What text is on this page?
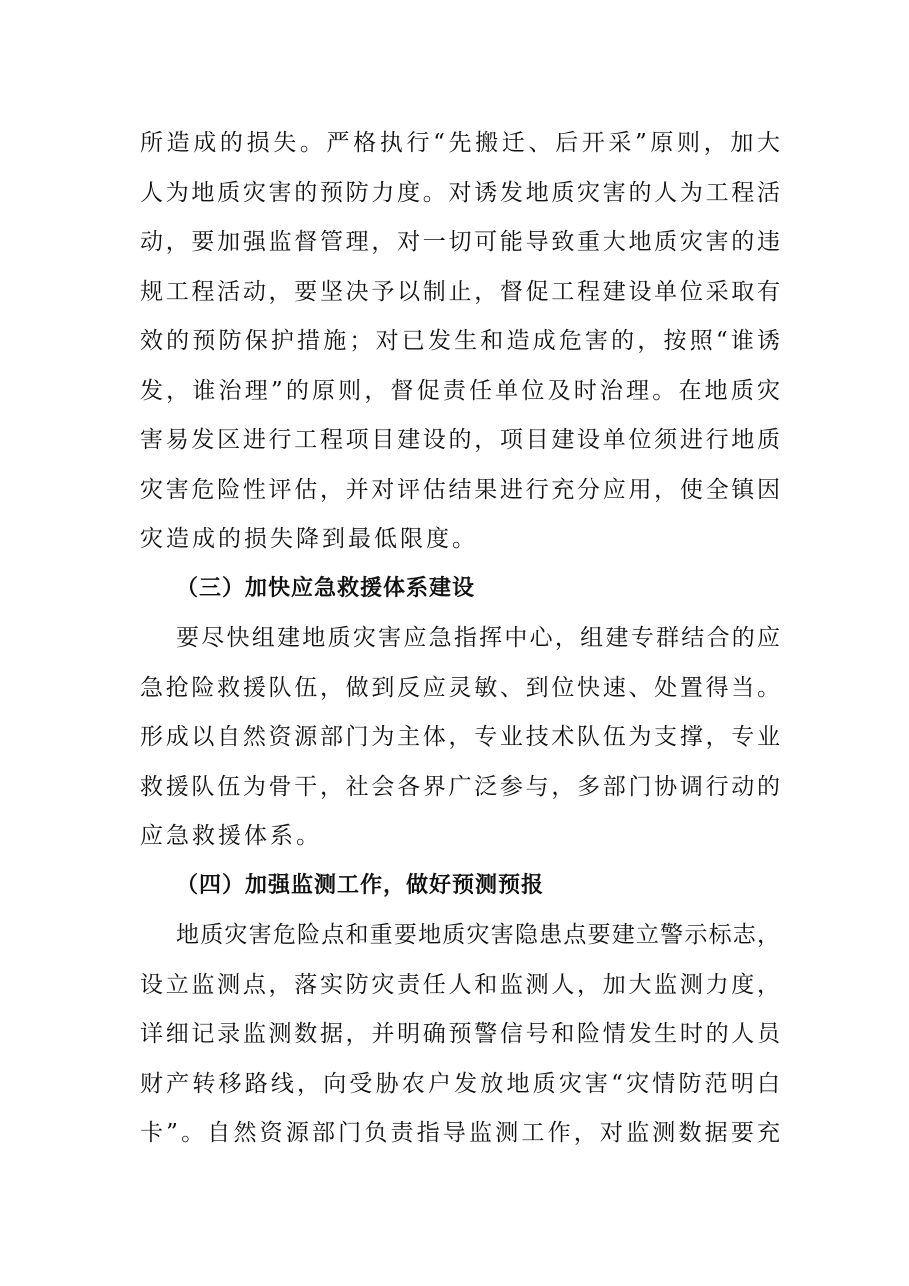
所造成的损失。严格执行“先搬迁、后开采”原则，加大
人为地质灾害的预防力度。对诱发地质灾害的人为工程活
动，要加强监督管理，对一切可能导致重大地质灾害的违
规工程活动，要坚决予以制止，督促工程建设单位采取有
效的预防保护措施；对已发生和造成危害的，按照“谁诱
发，谁治理”的原则，督促责任单位及时治理。在地质灾
害易发区进行工程项目建设的，项目建设单位须进行地质
灾害危险性评估，并对评估结果进行充分应用，使全镇因
灾造成的损失降到最低限度。
（三）加快应急救援体系建设
要尽快组建地质灾害应急指挥中心，组建专群结合的应
急抢险救援队伍，做到反应灵敏、到位快速、处置得当。
形成以自然资源部门为主体，专业技术队伍为支撑，专业
救援队伍为骨干，社会各界广泛参与，多部门协调行动的
应急救援体系。
（四）加强监测工作，做好预测预报
地质灾害危险点和重要地质灾害隐患点要建立警示标志，
设立监测点，落实防灾责任人和监测人，加大监测力度，
详细记录监测数据，并明确预警信号和险情发生时的人员
财产转移路线，向受胁农户发放地质灾害“灾情防范明白
卡”。自然资源部门负责指导监测工作，对监测数据要充
